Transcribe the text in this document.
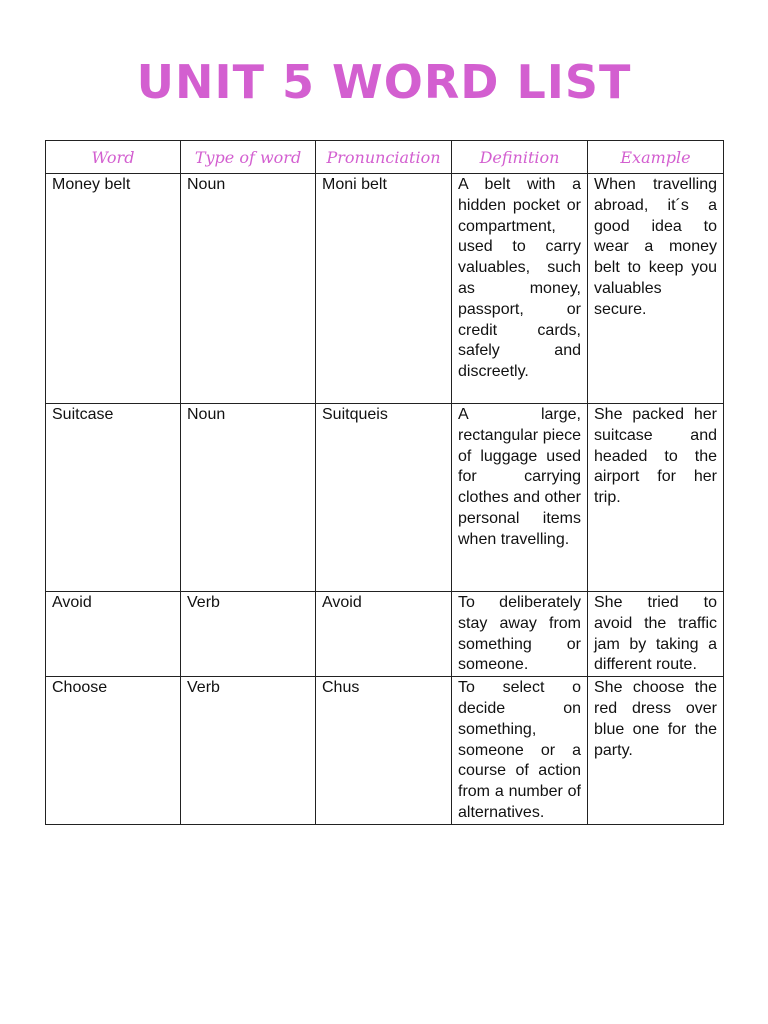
UNIT 5 WORD LIST
Word	Type of word	Pronunciation	Definition	Example
Money belt	Noun	Moni belt	A belt with a hidden pocket or compartment, used to carry valuables, such as money, passport, or credit cards, safely and discreetly.	When travelling abroad, it´s a good idea to wear a money belt to keep you valuables secure.
Suitcase	Noun	Suitqueis	A large, rectangular piece of luggage used for carrying clothes and other personal items when travelling.	She packed her suitcase and headed to the airport for her trip.
Avoid	Verb	Avoid	To deliberately stay away from something or someone.	She tried to avoid the traffic jam by taking a different route.
Choose	Verb	Chus	To select o decide on something, someone or a course of action from a number of alternatives.	She choose the red dress over blue one for the party.
